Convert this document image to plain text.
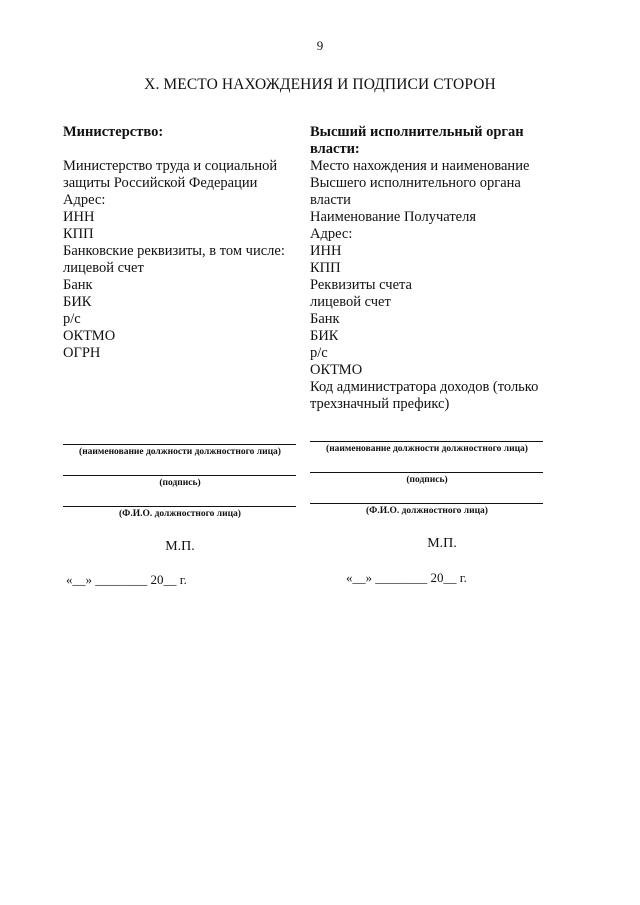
9
X. МЕСТО НАХОЖДЕНИЯ И ПОДПИСИ СТОРОН

Министерство:

Министерство труда и социальной защиты Российской Федерации

Адрес:

ИНН

КПП

Банковские реквизиты, в том числе:

лицевой счет

Банк

БИК

р/с

ОКТМО

ОГРН

Высший исполнительный орган власти:

Место нахождения и наименование Высшего исполнительного органа власти

Наименование Получателя

Адрес:

ИНН

КПП

Реквизиты счета

лицевой счет

Банк

БИК

р/с

ОКТМО

Код администратора доходов (только трехзначный префикс)

(наименование должности должностного лица)
(подпись)
(Ф.И.О. должностного лица)
М.П.
«__» ________ 20__ г.
(наименование должности должностного лица)
(подпись)
(Ф.И.О. должностного лица)
М.П.
«__» ________ 20__ г.
